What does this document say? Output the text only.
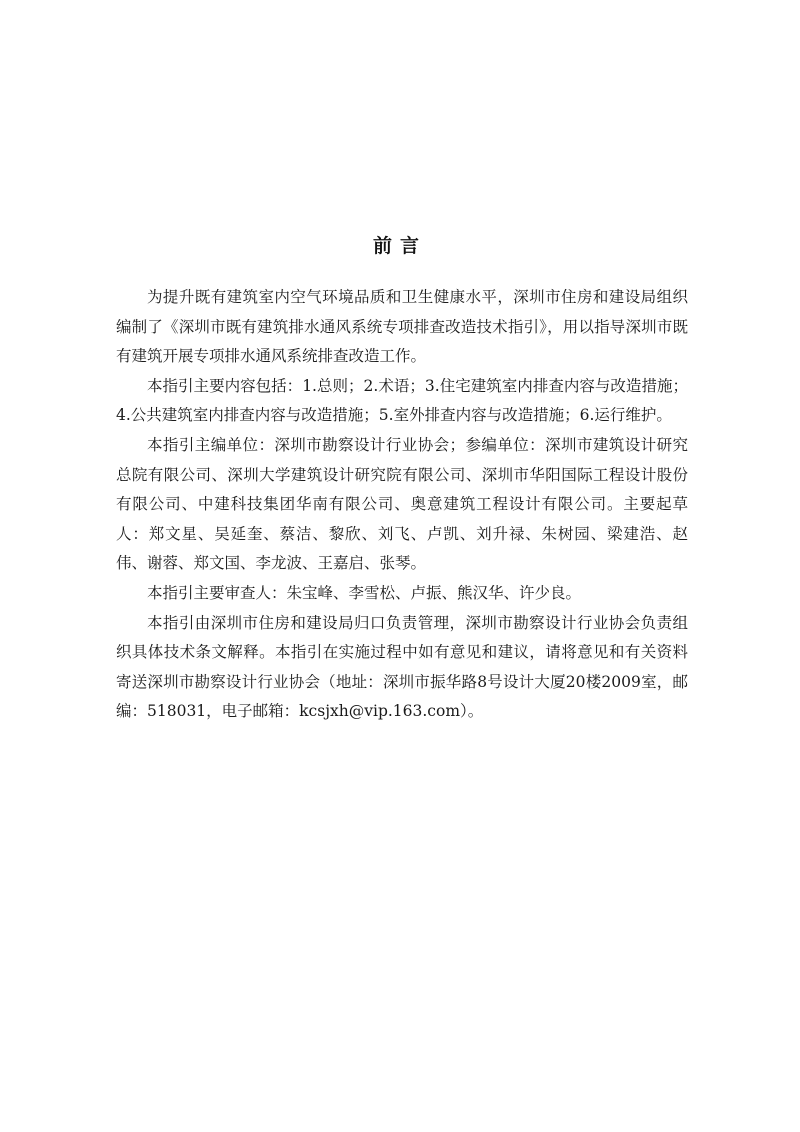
前言

为提升既有建筑室内空气环境品质和卫生健康水平，深圳市住房和建设局组织编制了《深圳市既有建筑排水通风系统专项排查改造技术指引》，用以指导深圳市既有建筑开展专项排水通风系统排查改造工作。

本指引主要内容包括：1.总则；2.术语；3.住宅建筑室内排查内容与改造措施；4.公共建筑室内排查内容与改造措施；5.室外排查内容与改造措施；6.运行维护。

本指引主编单位：深圳市勘察设计行业协会；参编单位：深圳市建筑设计研究总院有限公司、深圳大学建筑设计研究院有限公司、深圳市华阳国际工程设计股份有限公司、中建科技集团华南有限公司、奥意建筑工程设计有限公司。主要起草人：郑文星、吴延奎、蔡洁、黎欣、刘飞、卢凯、刘升禄、朱树园、梁建浩、赵伟、谢蓉、郑文国、李龙波、王嘉启、张琴。

本指引主要审查人：朱宝峰、李雪松、卢振、熊汉华、许少良。

本指引由深圳市住房和建设局归口负责管理，深圳市勘察设计行业协会负责组织具体技术条文解释。本指引在实施过程中如有意见和建议，请将意见和有关资料寄送深圳市勘察设计行业协会（地址：深圳市振华路8号设计大厦20楼2009室，邮编：518031，电子邮箱：kcsjxh@vip.163.com）。
